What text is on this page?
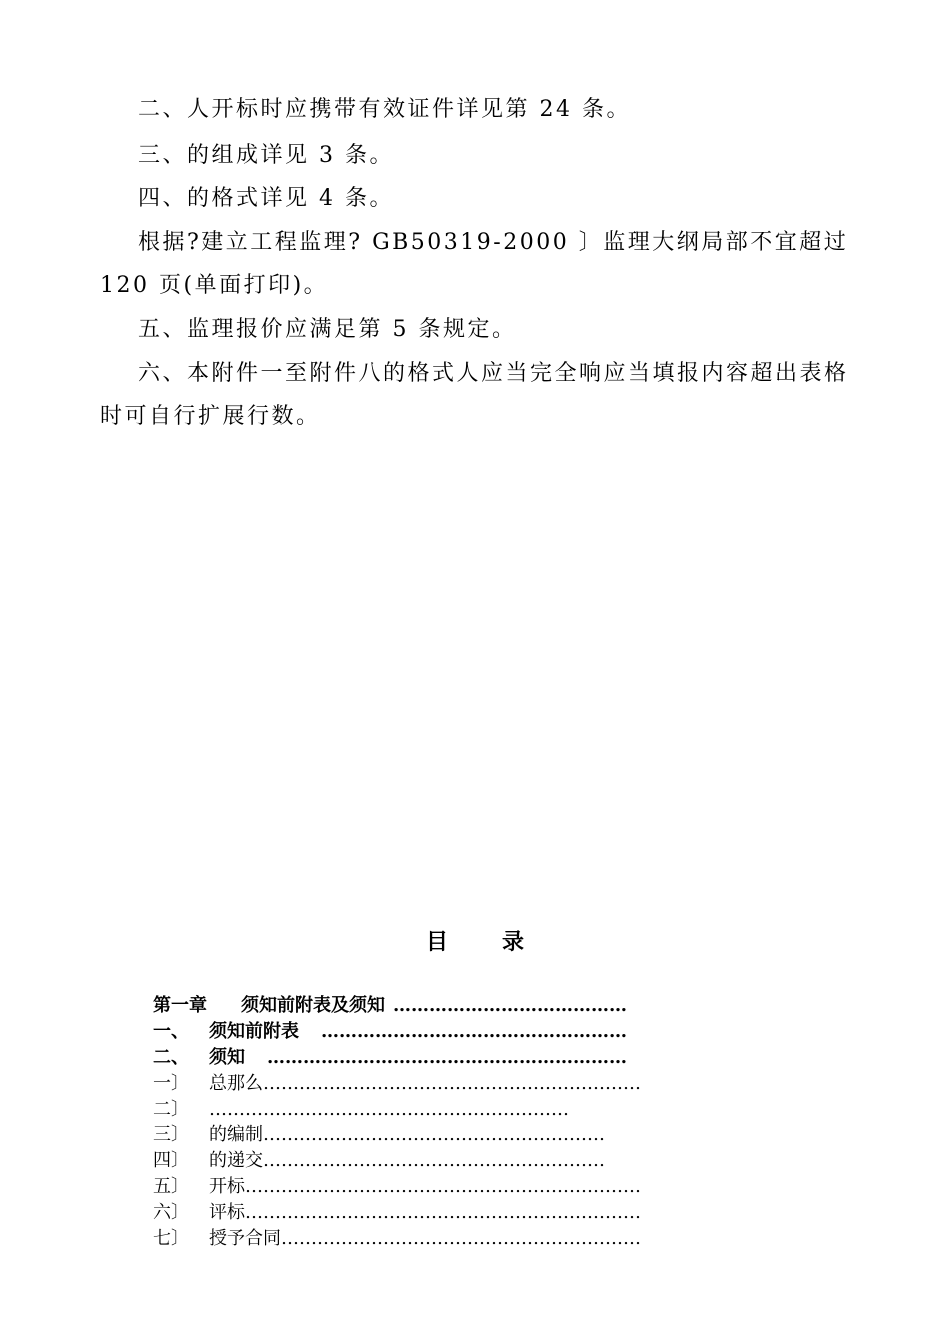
二、人开标时应携带有效证件详见第 24 条。

三、的组成详见 3 条。

四、的格式详见 4 条。

根据?建立工程监理? GB50319-2000 〕监理大纲局部不宜超过120 页(单面打印)。

五、监理报价应满足第 5 条规定。

六、本附件一至附件八的格式人应当完全响应当填报内容超出表格时可自行扩展行数。

目 录
第一章 须知前附表及须知 …………………………………
一、 须知前附表 ……………………………………………
二、 须知 ……………………………………………………
一〕 总那么………………………………………………………
二〕 ……………………………………………………
三〕 的编制…………………………………………………
四〕 的递交…………………………………………………
五〕 开标…………………………………………………………
六〕 评标…………………………………………………………
七〕 授予合同……………………………………………………
